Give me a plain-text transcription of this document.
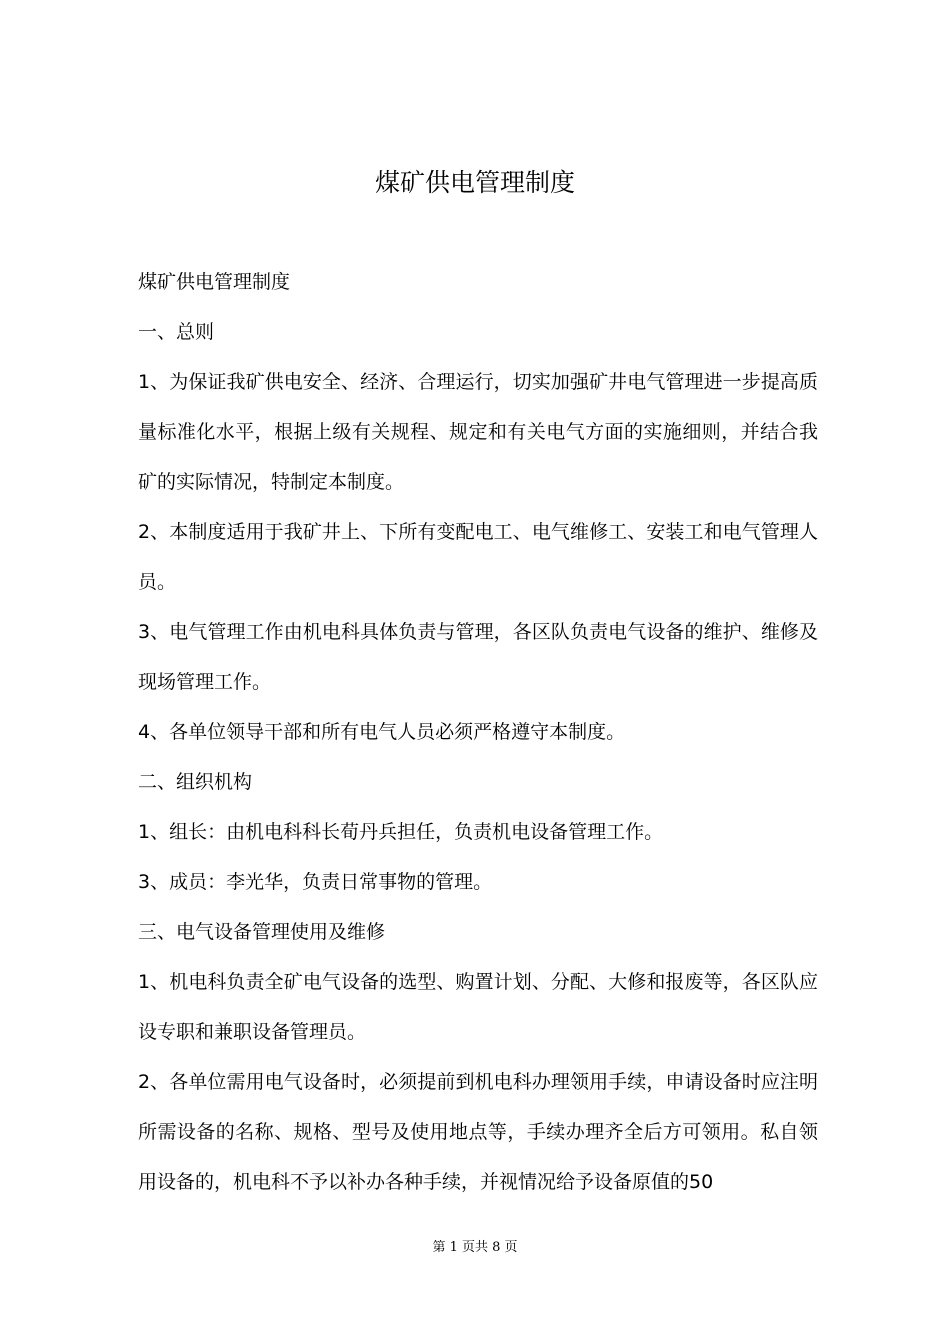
煤矿供电管理制度

煤矿供电管理制度

一、总则

1、为保证我矿供电安全、经济、合理运行，切实加强矿井电气管理进一步提高质量标准化水平，根据上级有关规程、规定和有关电气方面的实施细则，并结合我矿的实际情况，特制定本制度。

2、本制度适用于我矿井上、下所有变配电工、电气维修工、安装工和电气管理人员。

3、电气管理工作由机电科具体负责与管理，各区队负责电气设备的维护、维修及现场管理工作。

4、各单位领导干部和所有电气人员必须严格遵守本制度。

二、组织机构

1、组长：由机电科科长荀丹兵担任，负责机电设备管理工作。

3、成员：李光华，负责日常事物的管理。

三、电气设备管理使用及维修

1、机电科负责全矿电气设备的选型、购置计划、分配、大修和报废等，各区队应设专职和兼职设备管理员。

2、各单位需用电气设备时，必须提前到机电科办理领用手续，申请设备时应注明所需设备的名称、规格、型号及使用地点等，手续办理齐全后方可领用。私自领用设备的，机电科不予以补办各种手续，并视情况给予设备原值的50

第 1 页共 8 页
